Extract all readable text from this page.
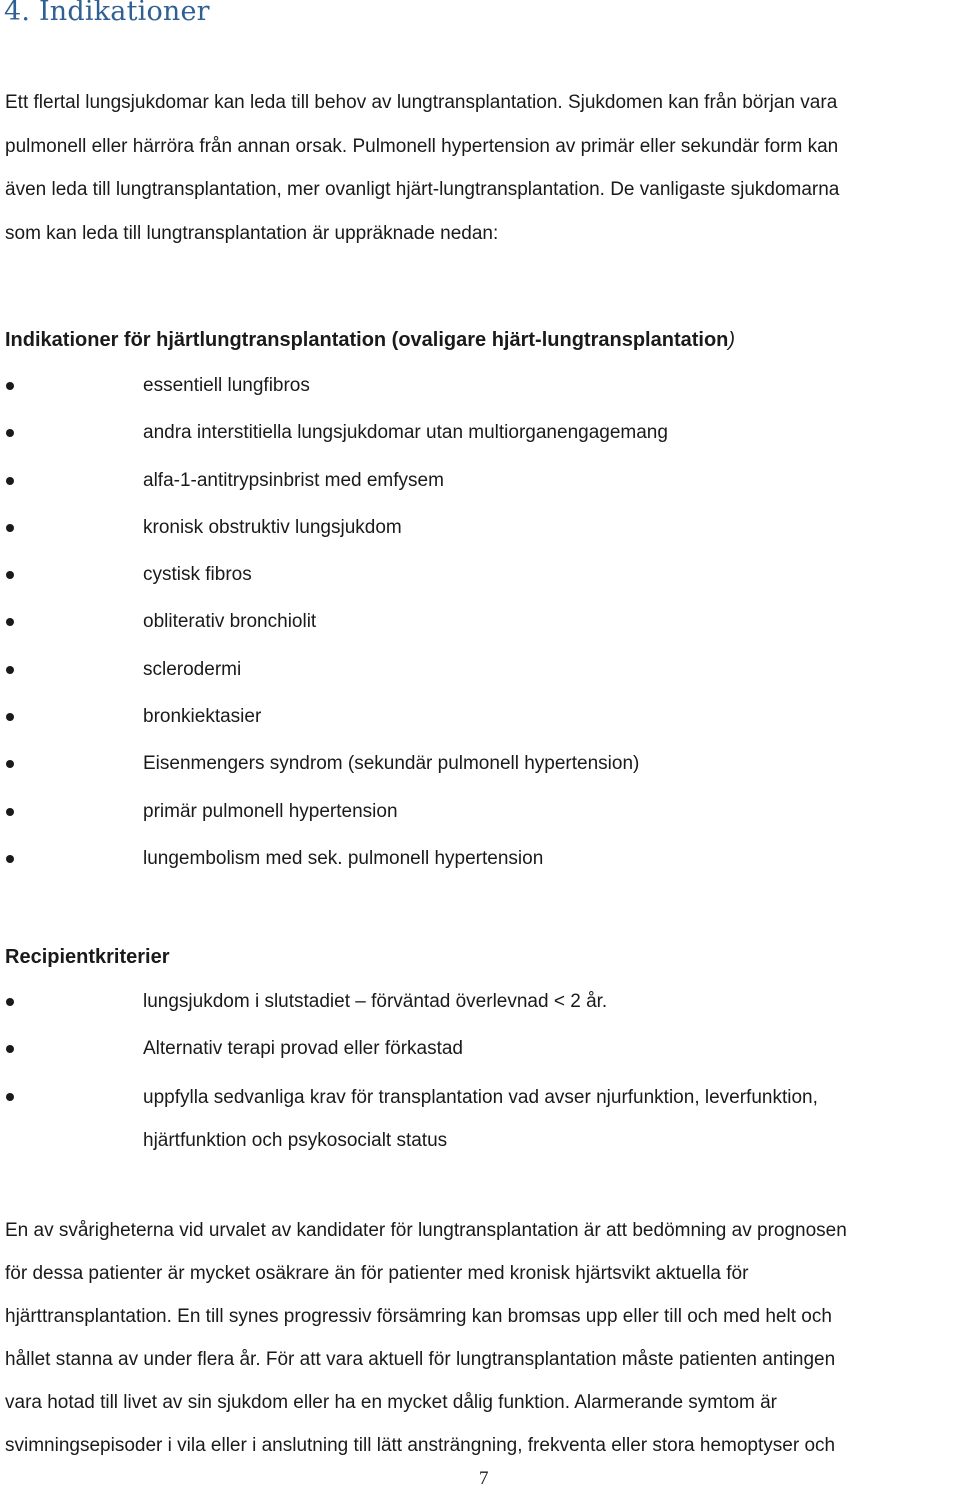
4. Indikationer

Ett flertal lungsjukdomar kan leda till behov av lungtransplantation. Sjukdomen kan från början vara
pulmonell eller härröra från annan orsak. Pulmonell hypertension av primär eller sekundär form kan
även leda till lungtransplantation, mer ovanligt hjärt-lungtransplantation. De vanligaste sjukdomarna
som kan leda till lungtransplantation är uppräknade nedan:

Indikationer för hjärtlungtransplantation (ovaligare hjärt-lungtransplantation)
essentiell lungfibros
andra interstitiella lungsjukdomar utan multiorganengagemang
alfa-1-antitrypsinbrist med emfysem
kronisk obstruktiv lungsjukdom
cystisk fibros
obliterativ bronchiolit
sclerodermi
bronkiektasier
Eisenmengers syndrom (sekundär pulmonell hypertension)
primär pulmonell hypertension
lungembolism med sek. pulmonell hypertension
Recipientkriterier
lungsjukdom i slutstadiet – förväntad överlevnad < 2 år.
Alternativ terapi provad eller förkastad
uppfylla sedvanliga krav för transplantation vad avser njurfunktion, leverfunktion,
hjärtfunktion och psykosocialt status

En av svårigheterna vid urvalet av kandidater för lungtransplantation är att bedömning av prognosen
för dessa patienter är mycket osäkrare än för patienter med kronisk hjärtsvikt aktuella för
hjärttransplantation. En till synes progressiv försämring kan bromsas upp eller till och med helt och
hållet stanna av under flera år. För att vara aktuell för lungtransplantation måste patienten antingen
vara hotad till livet av sin sjukdom eller ha en mycket dålig funktion. Alarmerande symtom är
svimningsepisoder i vila eller i anslutning till lätt ansträngning, frekventa eller stora hemoptyser och

7
